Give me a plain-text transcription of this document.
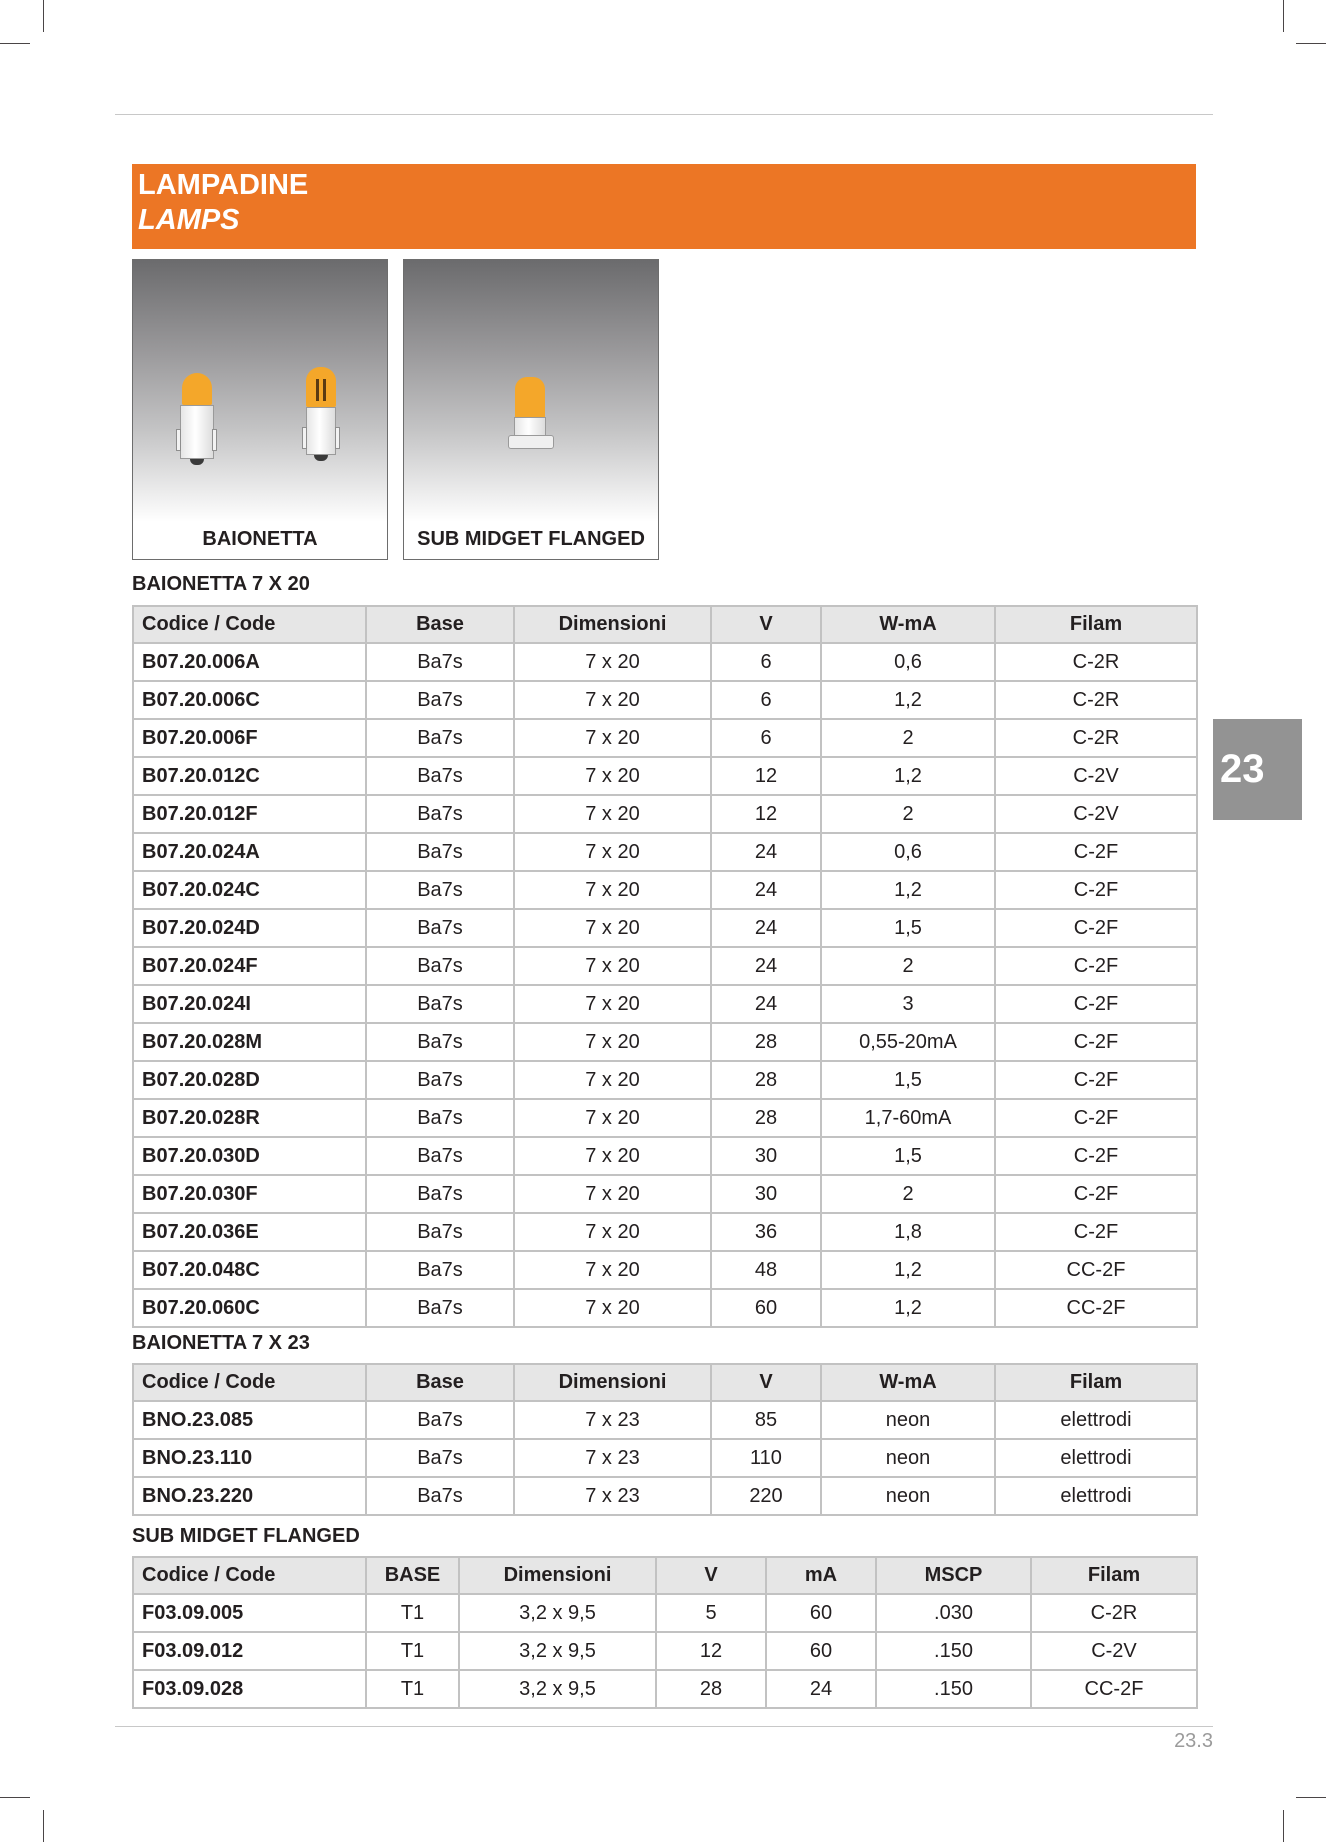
LAMPADINE
LAMPS
BAIONETTA	SUB MIDGET FLANGED
BAIONETTA 7 X 20
Codice / Code	Base	Dimensioni	V	W-mA	Filam
B07.20.006A	Ba7s	7 x 20	6	0,6	C-2R
B07.20.006C	Ba7s	7 x 20	6	1,2	C-2R
B07.20.006F	Ba7s	7 x 20	6	2	C-2R
B07.20.012C	Ba7s	7 x 20	12	1,2	C-2V
B07.20.012F	Ba7s	7 x 20	12	2	C-2V
B07.20.024A	Ba7s	7 x 20	24	0,6	C-2F
B07.20.024C	Ba7s	7 x 20	24	1,2	C-2F
B07.20.024D	Ba7s	7 x 20	24	1,5	C-2F
B07.20.024F	Ba7s	7 x 20	24	2	C-2F
B07.20.024I	Ba7s	7 x 20	24	3	C-2F
B07.20.028M	Ba7s	7 x 20	28	0,55-20mA	C-2F
B07.20.028D	Ba7s	7 x 20	28	1,5	C-2F
B07.20.028R	Ba7s	7 x 20	28	1,7-60mA	C-2F
B07.20.030D	Ba7s	7 x 20	30	1,5	C-2F
B07.20.030F	Ba7s	7 x 20	30	2	C-2F
B07.20.036E	Ba7s	7 x 20	36	1,8	C-2F
B07.20.048C	Ba7s	7 x 20	48	1,2	CC-2F
B07.20.060C	Ba7s	7 x 20	60	1,2	CC-2F
BAIONETTA 7 X 23
Codice / Code	Base	Dimensioni	V	W-mA	Filam
BNO.23.085	Ba7s	7 x 23	85	neon	elettrodi
BNO.23.110	Ba7s	7 x 23	110	neon	elettrodi
BNO.23.220	Ba7s	7 x 23	220	neon	elettrodi
SUB MIDGET FLANGED
Codice / Code	BASE	Dimensioni	V	mA	MSCP	Filam
F03.09.005	T1	3,2 x 9,5	5	60	.030	C-2R
F03.09.012	T1	3,2 x 9,5	12	60	.150	C-2V
F03.09.028	T1	3,2 x 9,5	28	24	.150	CC-2F
23
23.3
